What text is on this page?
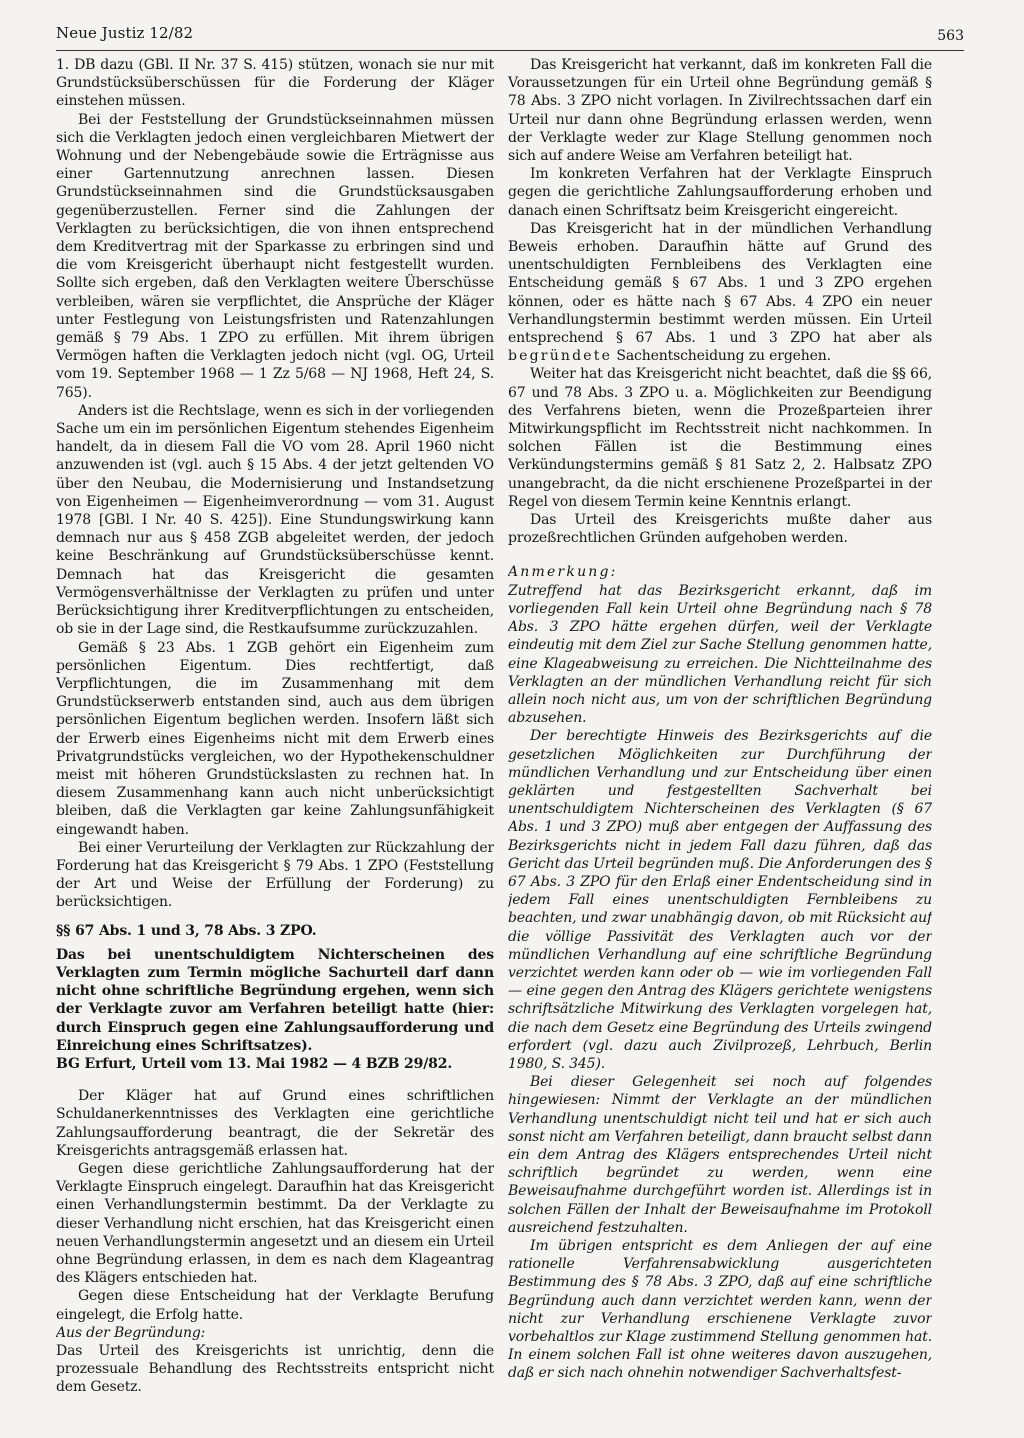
Neue Justiz 12/82	563

1. DB dazu (GBl. II Nr. 37 S. 415) stützen, wonach sie nur mit Grundstücksüberschüssen für die Forderung der Kläger einstehen müssen.

Bei der Feststellung der Grundstückseinnahmen müssen sich die Verklagten jedoch einen vergleichbaren Mietwert der Wohnung und der Nebengebäude sowie die Erträgnisse aus einer Gartennutzung anrechnen lassen. Diesen Grundstückseinnahmen sind die Grundstücksausgaben gegenüberzustellen. Ferner sind die Zahlungen der Verklagten zu berücksichtigen, die von ihnen entsprechend dem Kreditvertrag mit der Sparkasse zu erbringen sind und die vom Kreisgericht überhaupt nicht festgestellt wurden. Sollte sich ergeben, daß den Verklagten weitere Überschüsse verbleiben, wären sie verpflichtet, die Ansprüche der Kläger unter Festlegung von Leistungsfristen und Ratenzahlungen gemäß § 79 Abs. 1 ZPO zu erfüllen. Mit ihrem übrigen Vermögen haften die Verklagten jedoch nicht (vgl. OG, Urteil vom 19. September 1968 — 1 Zz 5/68 — NJ 1968, Heft 24, S. 765).

Anders ist die Rechtslage, wenn es sich in der vorliegenden Sache um ein im persönlichen Eigentum stehendes Eigenheim handelt, da in diesem Fall die VO vom 28. April 1960 nicht anzuwenden ist (vgl. auch § 15 Abs. 4 der jetzt geltenden VO über den Neubau, die Modernisierung und Instandsetzung von Eigenheimen — Eigenheimverordnung — vom 31. August 1978 [GBl. I Nr. 40 S. 425]). Eine Stundungswirkung kann demnach nur aus § 458 ZGB abgeleitet werden, der jedoch keine Beschränkung auf Grundstücksüberschüsse kennt. Demnach hat das Kreisgericht die gesamten Vermögensverhältnisse der Verklagten zu prüfen und unter Berücksichtigung ihrer Kreditverpflichtungen zu entscheiden, ob sie in der Lage sind, die Restkaufsumme zurückzuzahlen.

Gemäß § 23 Abs. 1 ZGB gehört ein Eigenheim zum persönlichen Eigentum. Dies rechtfertigt, daß Verpflichtungen, die im Zusammenhang mit dem Grundstückserwerb entstanden sind, auch aus dem übrigen persönlichen Eigentum beglichen werden. Insofern läßt sich der Erwerb eines Eigenheims nicht mit dem Erwerb eines Privatgrundstücks vergleichen, wo der Hypothekenschuldner meist mit höheren Grundstückslasten zu rechnen hat. In diesem Zusammenhang kann auch nicht unberücksichtigt bleiben, daß die Verklagten gar keine Zahlungsunfähigkeit eingewandt haben.

Bei einer Verurteilung der Verklagten zur Rückzahlung der Forderung hat das Kreisgericht § 79 Abs. 1 ZPO (Feststellung der Art und Weise der Erfüllung der Forderung) zu berücksichtigen.

§§ 67 Abs. 1 und 3, 78 Abs. 3 ZPO.

Das bei unentschuldigtem Nichterscheinen des Verklagten zum Termin mögliche Sachurteil darf dann nicht ohne schriftliche Begründung ergehen, wenn sich der Verklagte zuvor am Verfahren beteiligt hatte (hier: durch Einspruch gegen eine Zahlungsaufforderung und Einreichung eines Schriftsatzes).

BG Erfurt, Urteil vom 13. Mai 1982 — 4 BZB 29/82.

Der Kläger hat auf Grund eines schriftlichen Schuldanerkenntnisses des Verklagten eine gerichtliche Zahlungsaufforderung beantragt, die der Sekretär des Kreisgerichts antragsgemäß erlassen hat.

Gegen diese gerichtliche Zahlungsaufforderung hat der Verklagte Einspruch eingelegt. Daraufhin hat das Kreisgericht einen Verhandlungstermin bestimmt. Da der Verklagte zu dieser Verhandlung nicht erschien, hat das Kreisgericht einen neuen Verhandlungstermin angesetzt und an diesem ein Urteil ohne Begründung erlassen, in dem es nach dem Klageantrag des Klägers entschieden hat.

Gegen diese Entscheidung hat der Verklagte Berufung eingelegt, die Erfolg hatte.

Aus der Begründung:

Das Urteil des Kreisgerichts ist unrichtig, denn die prozessuale Behandlung des Rechtsstreits entspricht nicht dem Gesetz.

Das Kreisgericht hat verkannt, daß im konkreten Fall die Voraussetzungen für ein Urteil ohne Begründung gemäß § 78 Abs. 3 ZPO nicht vorlagen. In Zivilrechtssachen darf ein Urteil nur dann ohne Begründung erlassen werden, wenn der Verklagte weder zur Klage Stellung genommen noch sich auf andere Weise am Verfahren beteiligt hat.

Im konkreten Verfahren hat der Verklagte Einspruch gegen die gerichtliche Zahlungsaufforderung erhoben und danach einen Schriftsatz beim Kreisgericht eingereicht.

Das Kreisgericht hat in der mündlichen Verhandlung Beweis erhoben. Daraufhin hätte auf Grund des unentschuldigten Fernbleibens des Verklagten eine Entscheidung gemäß § 67 Abs. 1 und 3 ZPO ergehen können, oder es hätte nach § 67 Abs. 4 ZPO ein neuer Verhandlungstermin bestimmt werden müssen. Ein Urteil entsprechend § 67 Abs. 1 und 3 ZPO hat aber als begründete Sachentscheidung zu ergehen.

Weiter hat das Kreisgericht nicht beachtet, daß die §§ 66, 67 und 78 Abs. 3 ZPO u. a. Möglichkeiten zur Beendigung des Verfahrens bieten, wenn die Prozeßparteien ihrer Mitwirkungspflicht im Rechtsstreit nicht nachkommen. In solchen Fällen ist die Bestimmung eines Verkündungstermins gemäß § 81 Satz 2, 2. Halbsatz ZPO unangebracht, da die nicht erschienene Prozeßpartei in der Regel von diesem Termin keine Kenntnis erlangt.

Das Urteil des Kreisgerichts mußte daher aus prozeßrechtlichen Gründen aufgehoben werden.

Anmerkung:

Zutreffend hat das Bezirksgericht erkannt, daß im vorliegenden Fall kein Urteil ohne Begründung nach § 78 Abs. 3 ZPO hätte ergehen dürfen, weil der Verklagte eindeutig mit dem Ziel zur Sache Stellung genommen hatte, eine Klageabweisung zu erreichen. Die Nichtteilnahme des Verklagten an der mündlichen Verhandlung reicht für sich allein noch nicht aus, um von der schriftlichen Begründung abzusehen.

Der berechtigte Hinweis des Bezirksgerichts auf die gesetzlichen Möglichkeiten zur Durchführung der mündlichen Verhandlung und zur Entscheidung über einen geklärten und festgestellten Sachverhalt bei unentschuldigtem Nichterscheinen des Verklagten (§ 67 Abs. 1 und 3 ZPO) muß aber entgegen der Auffassung des Bezirksgerichts nicht in jedem Fall dazu führen, daß das Gericht das Urteil begründen muß. Die Anforderungen des § 67 Abs. 3 ZPO für den Erlaß einer Endentscheidung sind in jedem Fall eines unentschuldigten Fernbleibens zu beachten, und zwar unabhängig davon, ob mit Rücksicht auf die völlige Passivität des Verklagten auch vor der mündlichen Verhandlung auf eine schriftliche Begründung verzichtet werden kann oder ob — wie im vorliegenden Fall — eine gegen den Antrag des Klägers gerichtete wenigstens schriftsätzliche Mitwirkung des Verklagten vorgelegen hat, die nach dem Gesetz eine Begründung des Urteils zwingend erfordert (vgl. dazu auch Zivilprozeß, Lehrbuch, Berlin 1980, S. 345).

Bei dieser Gelegenheit sei noch auf folgendes hingewiesen: Nimmt der Verklagte an der mündlichen Verhandlung unentschuldigt nicht teil und hat er sich auch sonst nicht am Verfahren beteiligt, dann braucht selbst dann ein dem Antrag des Klägers entsprechendes Urteil nicht schriftlich begründet zu werden, wenn eine Beweisaufnahme durchgeführt worden ist. Allerdings ist in solchen Fällen der Inhalt der Beweisaufnahme im Protokoll ausreichend festzuhalten.

Im übrigen entspricht es dem Anliegen der auf eine rationelle Verfahrensabwicklung ausgerichteten Bestimmung des § 78 Abs. 3 ZPO, daß auf eine schriftliche Begründung auch dann verzichtet werden kann, wenn der nicht zur Verhandlung erschienene Verklagte zuvor vorbehaltlos zur Klage zustimmend Stellung genommen hat. In einem solchen Fall ist ohne weiteres davon auszugehen, daß er sich nach ohnehin notwendiger Sachverhaltsfest-
